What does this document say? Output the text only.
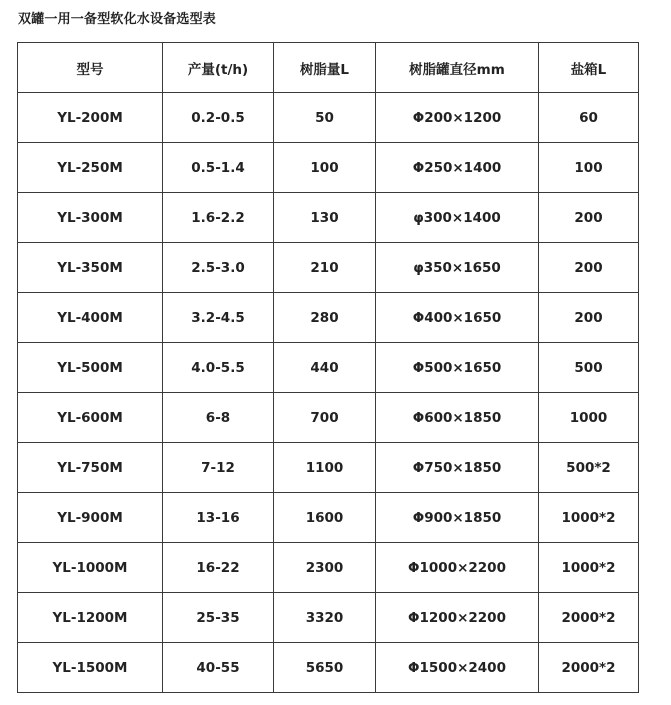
双罐一用一备型软化水设备选型表
型号	产量(t/h)	树脂量L	树脂罐直径mm	盐箱L
YL-200M	0.2-0.5	50	Φ200×1200	60
YL-250M	0.5-1.4	100	Φ250×1400	100
YL-300M	1.6-2.2	130	φ300×1400	200
YL-350M	2.5-3.0	210	φ350×1650	200
YL-400M	3.2-4.5	280	Φ400×1650	200
YL-500M	4.0-5.5	440	Φ500×1650	500
YL-600M	6-8	700	Φ600×1850	1000
YL-750M	7-12	1100	Φ750×1850	500*2
YL-900M	13-16	1600	Φ900×1850	1000*2
YL-1000M	16-22	2300	Φ1000×2200	1000*2
YL-1200M	25-35	3320	Φ1200×2200	2000*2
YL-1500M	40-55	5650	Φ1500×2400	2000*2
